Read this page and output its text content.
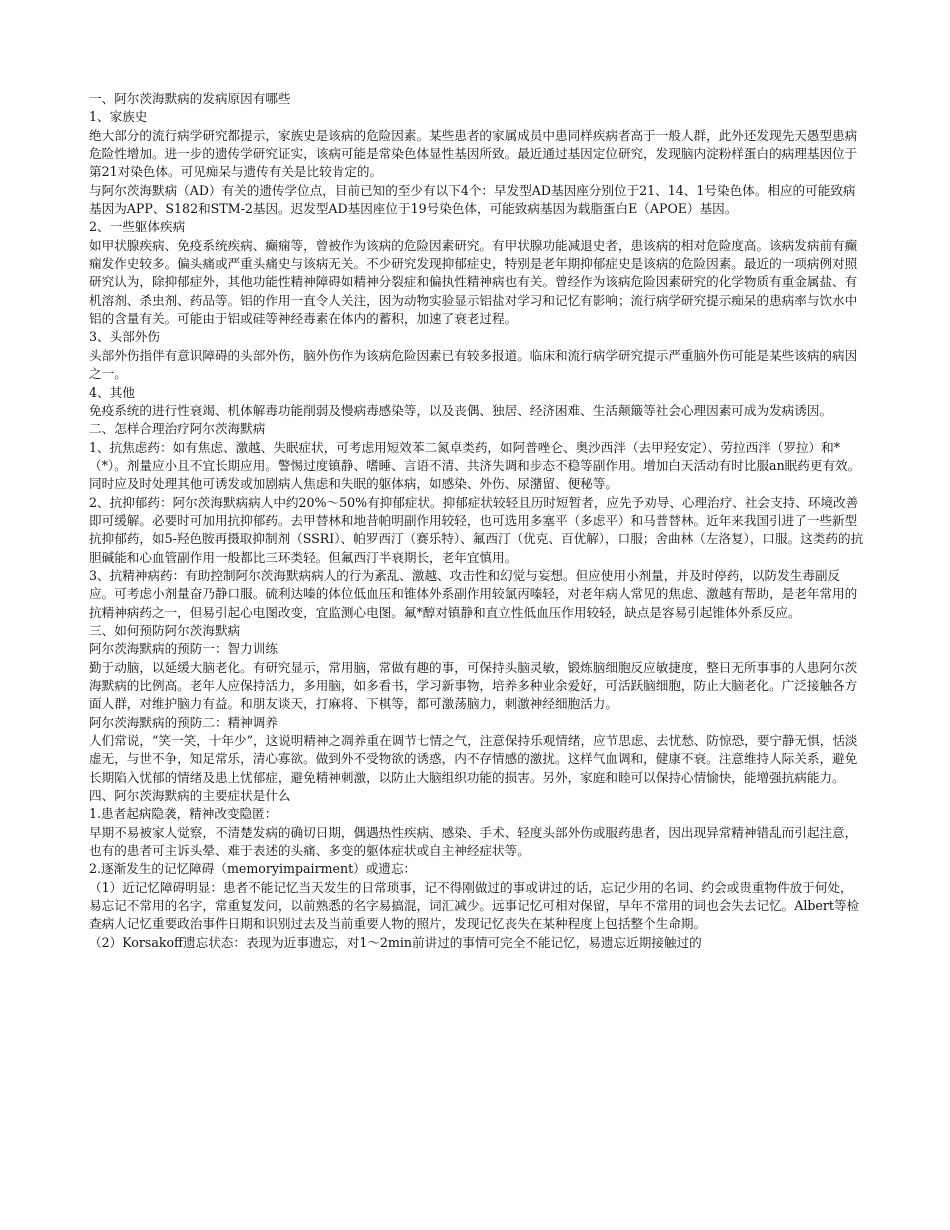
一、阿尔茨海默病的发病原因有哪些

1、家族史

绝大部分的流行病学研究都提示，家族史是该病的危险因素。某些患者的家属成员中患同样疾病者高于一般人群，此外还发现先天愚型患病危险性增加。进一步的遗传学研究证实，该病可能是常染色体显性基因所致。最近通过基因定位研究，发现脑内淀粉样蛋白的病理基因位于第21对染色体。可见痴呆与遗传有关是比较肯定的。

与阿尔茨海默病（AD）有关的遗传学位点，目前已知的至少有以下4个：早发型AD基因座分别位于21、14、1号染色体。相应的可能致病基因为APP、S182和STM-2基因。迟发型AD基因座位于19号染色体，可能致病基因为载脂蛋白E（APOE）基因。

2、一些躯体疾病

如甲状腺疾病、免疫系统疾病、癫痫等，曾被作为该病的危险因素研究。有甲状腺功能减退史者，患该病的相对危险度高。该病发病前有癫痫发作史较多。偏头痛或严重头痛史与该病无关。不少研究发现抑郁症史，特别是老年期抑郁症史是该病的危险因素。最近的一项病例对照研究认为，除抑郁症外，其他功能性精神障碍如精神分裂症和偏执性精神病也有关。曾经作为该病危险因素研究的化学物质有重金属盐、有机溶剂、杀虫剂、药品等。铝的作用一直令人关注，因为动物实验显示铝盐对学习和记忆有影响；流行病学研究提示痴呆的患病率与饮水中铝的含量有关。可能由于铝或硅等神经毒素在体内的蓄积，加速了衰老过程。

3、头部外伤

头部外伤指伴有意识障碍的头部外伤，脑外伤作为该病危险因素已有较多报道。临床和流行病学研究提示严重脑外伤可能是某些该病的病因之一。

4、其他

免疫系统的进行性衰竭、机体解毒功能削弱及慢病毒感染等，以及丧偶、独居、经济困难、生活颠簸等社会心理因素可成为发病诱因。

二、怎样合理治疗阿尔茨海默病

1、抗焦虑药：如有焦虑、激越、失眠症状，可考虑用短效苯二氮卓类药，如阿普唑仑、奥沙西泮（去甲羟安定）、劳拉西泮（罗拉）和*（*）。剂量应小且不宜长期应用。警惕过度镇静、嗜睡、言语不清、共济失调和步态不稳等副作用。增加白天活动有时比服an眠药更有效。同时应及时处理其他可诱发或加剧病人焦虑和失眠的躯体病，如感染、外伤、尿潴留、便秘等。

2、抗抑郁药：阿尔茨海默病病人中约20%～50%有抑郁症状。抑郁症状较轻且历时短暂者，应先予劝导、心理治疗、社会支持、环境改善即可缓解。必要时可加用抗抑郁药。去甲替林和地昔帕明副作用较轻，也可选用多塞平（多虑平）和马普替林。近年来我国引进了一些新型抗抑郁药，如5-羟色胺再摄取抑制剂（SSRI）、帕罗西汀（赛乐特）、氟西汀（优克、百优解），口服；舍曲林（左洛复），口服。这类药的抗胆碱能和心血管副作用一般都比三环类轻。但氟西汀半衰期长，老年宜慎用。

3、抗精神病药：有助控制阿尔茨海默病病人的行为紊乱、激越、攻击性和幻觉与妄想。但应使用小剂量，并及时停药，以防发生毒副反应。可考虑小剂量奋乃静口服。硫利达嗪的体位低血压和锥体外系副作用较氯丙嗪轻，对老年病人常见的焦虑、激越有帮助，是老年常用的抗精神病药之一，但易引起心电图改变，宜监测心电图。氟*醇对镇静和直立性低血压作用较轻，缺点是容易引起锥体外系反应。

三、如何预防阿尔茨海默病

阿尔茨海默病的预防一：智力训练

勤于动脑，以延缓大脑老化。有研究显示，常用脑，常做有趣的事，可保持头脑灵敏，锻炼脑细胞反应敏捷度，整日无所事事的人患阿尔茨海默病的比例高。老年人应保持活力，多用脑，如多看书，学习新事物，培养多种业余爱好，可活跃脑细胞，防止大脑老化。广泛接触各方面人群，对维护脑力有益。和朋友谈天，打麻将、下棋等，都可激荡脑力，刺激神经细胞活力。

阿尔茨海默病的预防二：精神调养

人们常说，“笑一笑，十年少”，这说明精神之凋养重在调节七情之气，注意保持乐观情绪，应节思虑、去忧愁、防惊恐，要宁静无惧，恬淡虚无，与世不争，知足常乐，清心寡欲。做到外不受物欲的诱惑，内不存情感的激扰。这样气血调和，健康不衰。注意维持人际关系，避免长期陷入忧郁的情绪及患上忧郁症，避免精神刺激，以防止大脑组织功能的损害。另外，家庭和睦可以保持心情愉快，能增强抗病能力。

四、阿尔茨海默病的主要症状是什么

1.患者起病隐袭，精神改变隐匿：

早期不易被家人觉察，不清楚发病的确切日期，偶遇热性疾病、感染、手术、轻度头部外伤或服药患者，因出现异常精神错乱而引起注意，也有的患者可主诉头晕、难于表述的头痛、多变的躯体症状或自主神经症状等。

2.逐渐发生的记忆障碍（memoryimpairment）或遗忘：

（1）近记忆障碍明显：患者不能记忆当天发生的日常琐事，记不得刚做过的事或讲过的话，忘记少用的名词、约会或贵重物件放于何处，易忘记不常用的名字，常重复发问，以前熟悉的名字易搞混，词汇减少。远事记忆可相对保留，早年不常用的词也会失去记忆。Albert等检查病人记忆重要政治事件日期和识别过去及当前重要人物的照片，发现记忆丧失在某种程度上包括整个生命期。

（2）Korsakoff遗忘状态：表现为近事遗忘，对1～2min前讲过的事情可完全不能记忆，易遗忘近期接触过的
